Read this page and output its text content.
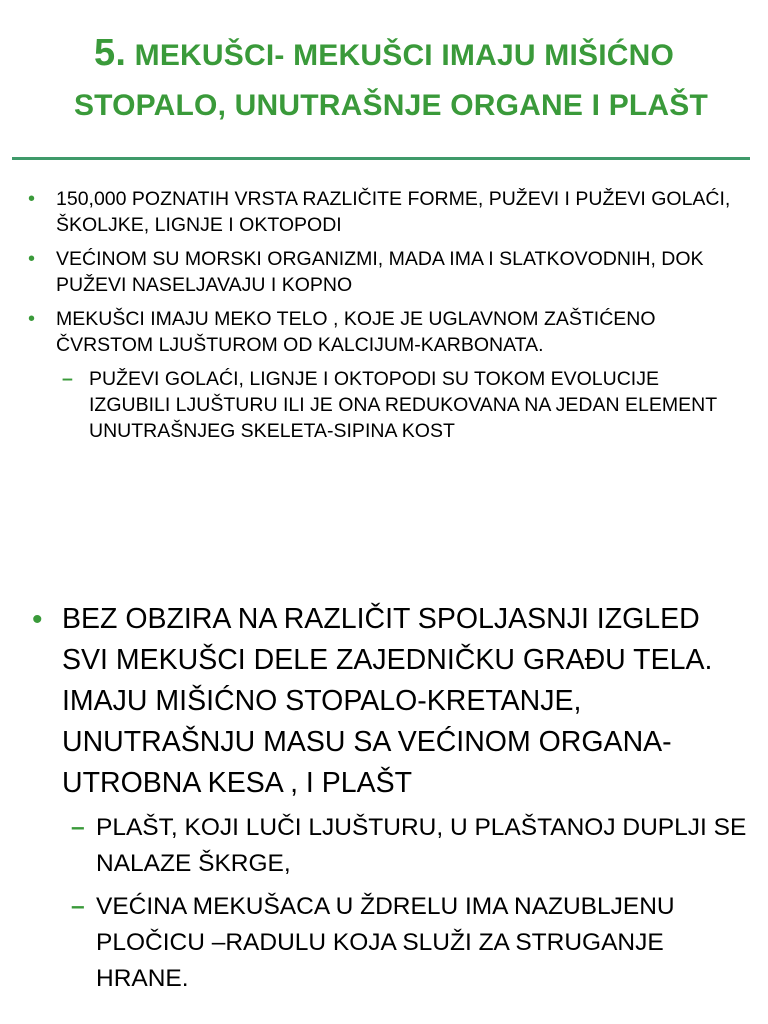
5. MEKUŠCI- MEKUŠCI IMAJU MIŠIĆNO
STOPALO, UNUTRAŠNJE ORGANE I PLAŠT
• 150,000 POZNATIH VRSTA RAZLIČITE FORME, PUŽEVI I PUŽEVI GOLAĆI, ŠKOLJKE, LIGNJE I OKTOPODI
• VEĆINOM SU MORSKI ORGANIZMI, MADA IMA I SLATKOVODNIH, DOK PUŽEVI NASELJAVAJU I KOPNO
• MEKUŠCI IMAJU MEKO TELO , KOJE JE UGLAVNOM ZAŠTIĆENO ČVRSTOM LJUŠTUROM OD KALCIJUM-KARBONATA.
– PUŽEVI GOLAĆI, LIGNJE I OKTOPODI SU TOKOM EVOLUCIJE IZGUBILI LJUŠTURU ILI JE ONA REDUKOVANA NA JEDAN ELEMENT UNUTRAŠNJEG SKELETA-SIPINA KOST
• BEZ OBZIRA NA RAZLIČIT SPOLJASNJI IZGLED SVI MEKUŠCI DELE ZAJEDNIČKU GRAĐU TELA. IMAJU MIŠIĆNO STOPALO-KRETANJE, UNUTRAŠNJU MASU SA VEĆINOM ORGANA-UTROBNA KESA , I PLAŠT
– PLAŠT, KOJI LUČI LJUŠTURU, U PLAŠTANOJ DUPLJI SE NALAZE ŠKRGE,
– VEĆINA MEKUŠACA U ŽDRELU IMA NAZUBLJENU PLOČICU –RADULU KOJA SLUŽI ZA STRUGANJE HRANE.
